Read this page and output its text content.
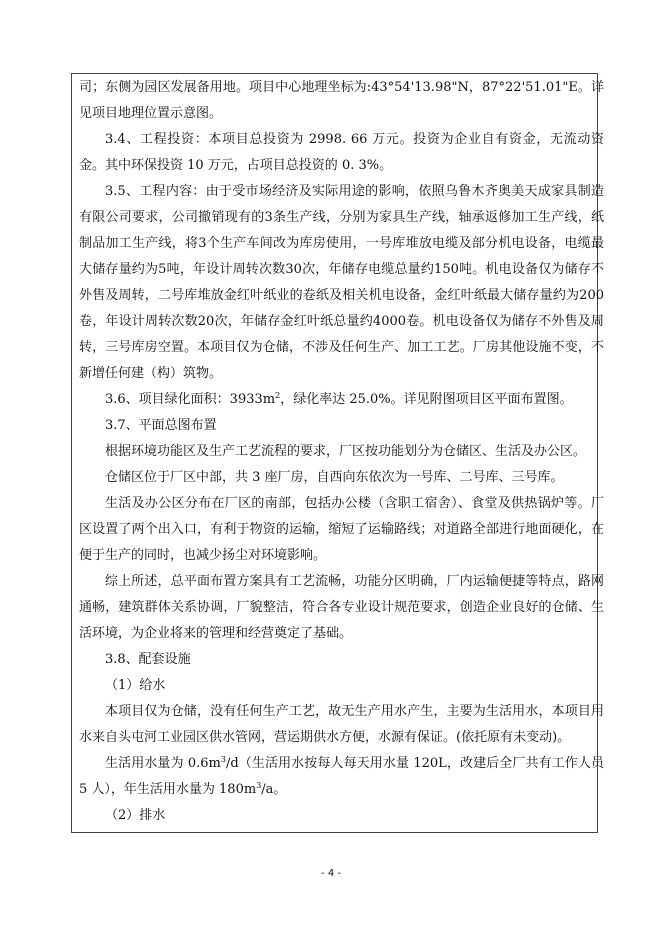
司；东侧为园区发展备用地。项目中心地理坐标为:43°54'13.98"N，87°22'51.01"E。详见项目地理位置示意图。

3.4、工程投资：本项目总投资为 2998. 66 万元。投资为企业自有资金，无流动资金。其中环保投资 10 万元，占项目总投资的 0. 3%。

3.5、工程内容：由于受市场经济及实际用途的影响，依照乌鲁木齐奥美天成家具制造有限公司要求，公司撤销现有的3条生产线，分别为家具生产线，轴承返修加工生产线，纸制品加工生产线，将3个生产车间改为库房使用，一号库堆放电缆及部分机电设备，电缆最大储存量约为5吨，年设计周转次数30次，年储存电缆总量约150吨。机电设备仅为储存不外售及周转，二号库堆放金红叶纸业的卷纸及相关机电设备，金红叶纸最大储存量约为200卷，年设计周转次数20次，年储存金红叶纸总量约4000卷。机电设备仅为储存不外售及周转，三号库房空置。本项目仅为仓储，不涉及任何生产、加工工艺。厂房其他设施不变，不新增任何建（构）筑物。

3.6、项目绿化面积：$3933m^2$，绿化率达 25.0%。详见附图项目区平面布置图。

3.7、平面总图布置

根据环境功能区及生产工艺流程的要求，厂区按功能划分为仓储区、生活及办公区。

仓储区位于厂区中部，共 3 座厂房，自西向东依次为一号库、二号库、三号库。

生活及办公区分布在厂区的南部，包括办公楼（含职工宿舍）、食堂及供热锅炉等。厂区设置了两个出入口，有利于物资的运输，缩短了运输路线；对道路全部进行地面硬化，在便于生产的同时，也减少扬尘对环境影响。

综上所述，总平面布置方案具有工艺流畅，功能分区明确，厂内运输便捷等特点，路网通畅，建筑群体关系协调，厂貌整洁，符合各专业设计规范要求，创造企业良好的仓储、生活环境，为企业将来的管理和经营奠定了基础。

3.8、配套设施

（1）给水

本项目仅为仓储，没有任何生产工艺，故无生产用水产生，主要为生活用水，本项目用水来自头屯河工业园区供水管网，营运期供水方便，水源有保证。(依托原有未变动)。

生活用水量为 $0.6m^3/d$（生活用水按每人每天用水量 120L，改建后全厂共有工作人员 5 人），年生活用水量为 $180m^3/a$。

（2）排水

- 4 -
